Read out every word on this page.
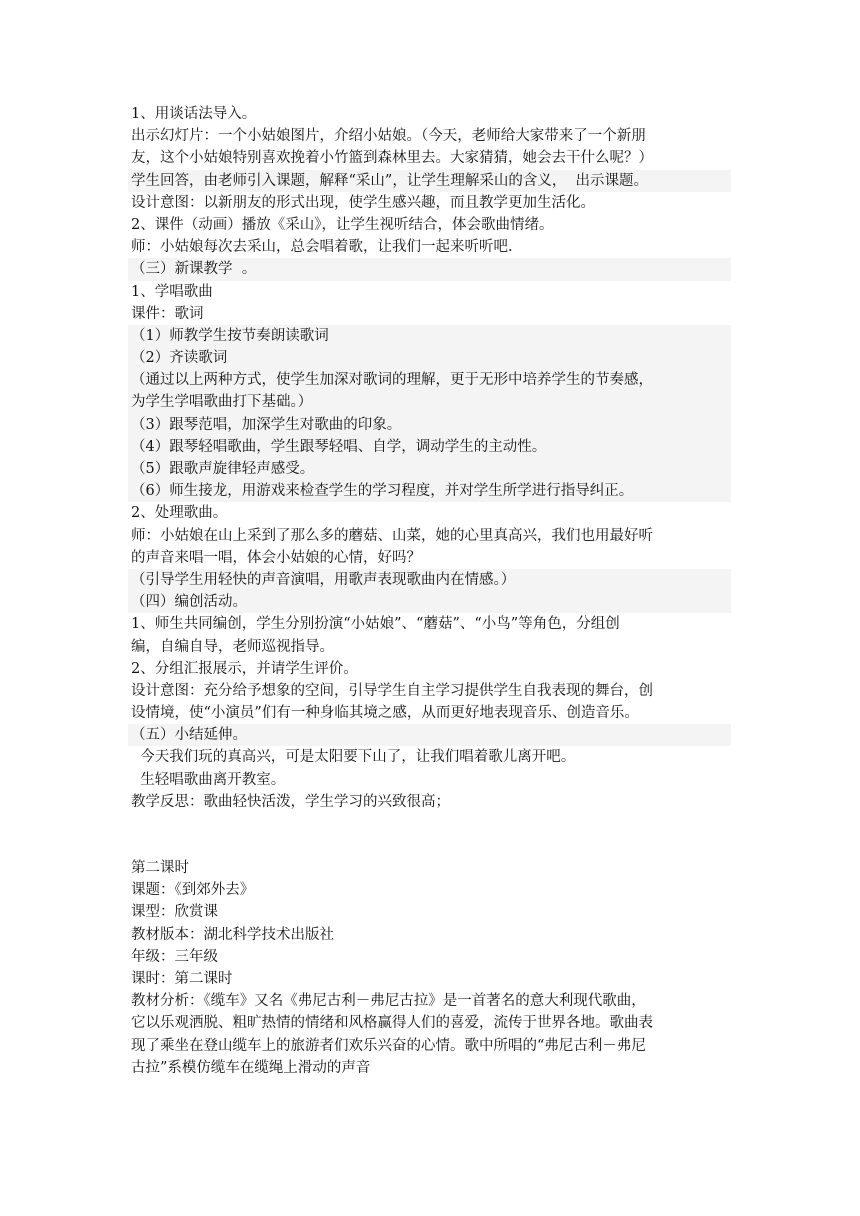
1、用谈话法导入。
出示幻灯片：一个小姑娘图片，介绍小姑娘。（今天，老师给大家带来了一个新朋
友，这个小姑娘特别喜欢挽着小竹篮到森林里去。大家猜猜，她会去干什么呢？）
学生回答，由老师引入课题，解释“采山”，让学生理解采山的含义，  出示课题。
设计意图：以新朋友的形式出现，使学生感兴趣，而且教学更加生活化。
2、课件（动画）播放《采山》，让学生视听结合，体会歌曲情绪。
师：小姑娘每次去采山，总会唱着歌，让我们一起来听听吧.
（三）新课教学  。
1、学唱歌曲
课件：歌词
（1）师教学生按节奏朗读歌词
（2）齐读歌词
（通过以上两种方式，使学生加深对歌词的理解，更于无形中培养学生的节奏感，
为学生学唱歌曲打下基础。）
（3）跟琴范唱，加深学生对歌曲的印象。
（4）跟琴轻唱歌曲，学生跟琴轻唱、自学，调动学生的主动性。
（5）跟歌声旋律轻声感受。
（6）师生接龙，用游戏来检查学生的学习程度，并对学生所学进行指导纠正。
2、处理歌曲。
师：小姑娘在山上采到了那么多的蘑菇、山菜，她的心里真高兴，我们也用最好听
的声音来唱一唱，体会小姑娘的心情，好吗？
（引导学生用轻快的声音演唱，用歌声表现歌曲内在情感。）
（四）编创活动。
1、师生共同编创，学生分别扮演“小姑娘”、“蘑菇”、“小鸟”等角色，分组创
编，自编自导，老师巡视指导。
2、分组汇报展示，并请学生评价。
设计意图：充分给予想象的空间，引导学生自主学习提供学生自我表现的舞台，创
设情境，使“小演员”们有一种身临其境之感，从而更好地表现音乐、创造音乐。
（五）小结延伸。
今天我们玩的真高兴，可是太阳要下山了，让我们唱着歌儿离开吧。
生轻唱歌曲离开教室。
教学反思：歌曲轻快活泼，学生学习的兴致很高；
第二课时
课题：《到郊外去》
课型：欣赏课
教材版本：湖北科学技术出版社
年级：三年级
课时：第二课时
教材分析：《缆车》又名《弗尼古利－弗尼古拉》是一首著名的意大利现代歌曲，
它以乐观洒脱、粗旷热情的情绪和风格赢得人们的喜爱，流传于世界各地。歌曲表
现了乘坐在登山缆车上的旅游者们欢乐兴奋的心情。歌中所唱的“弗尼古利－弗尼
古拉”系模仿缆车在缆绳上滑动的声音
